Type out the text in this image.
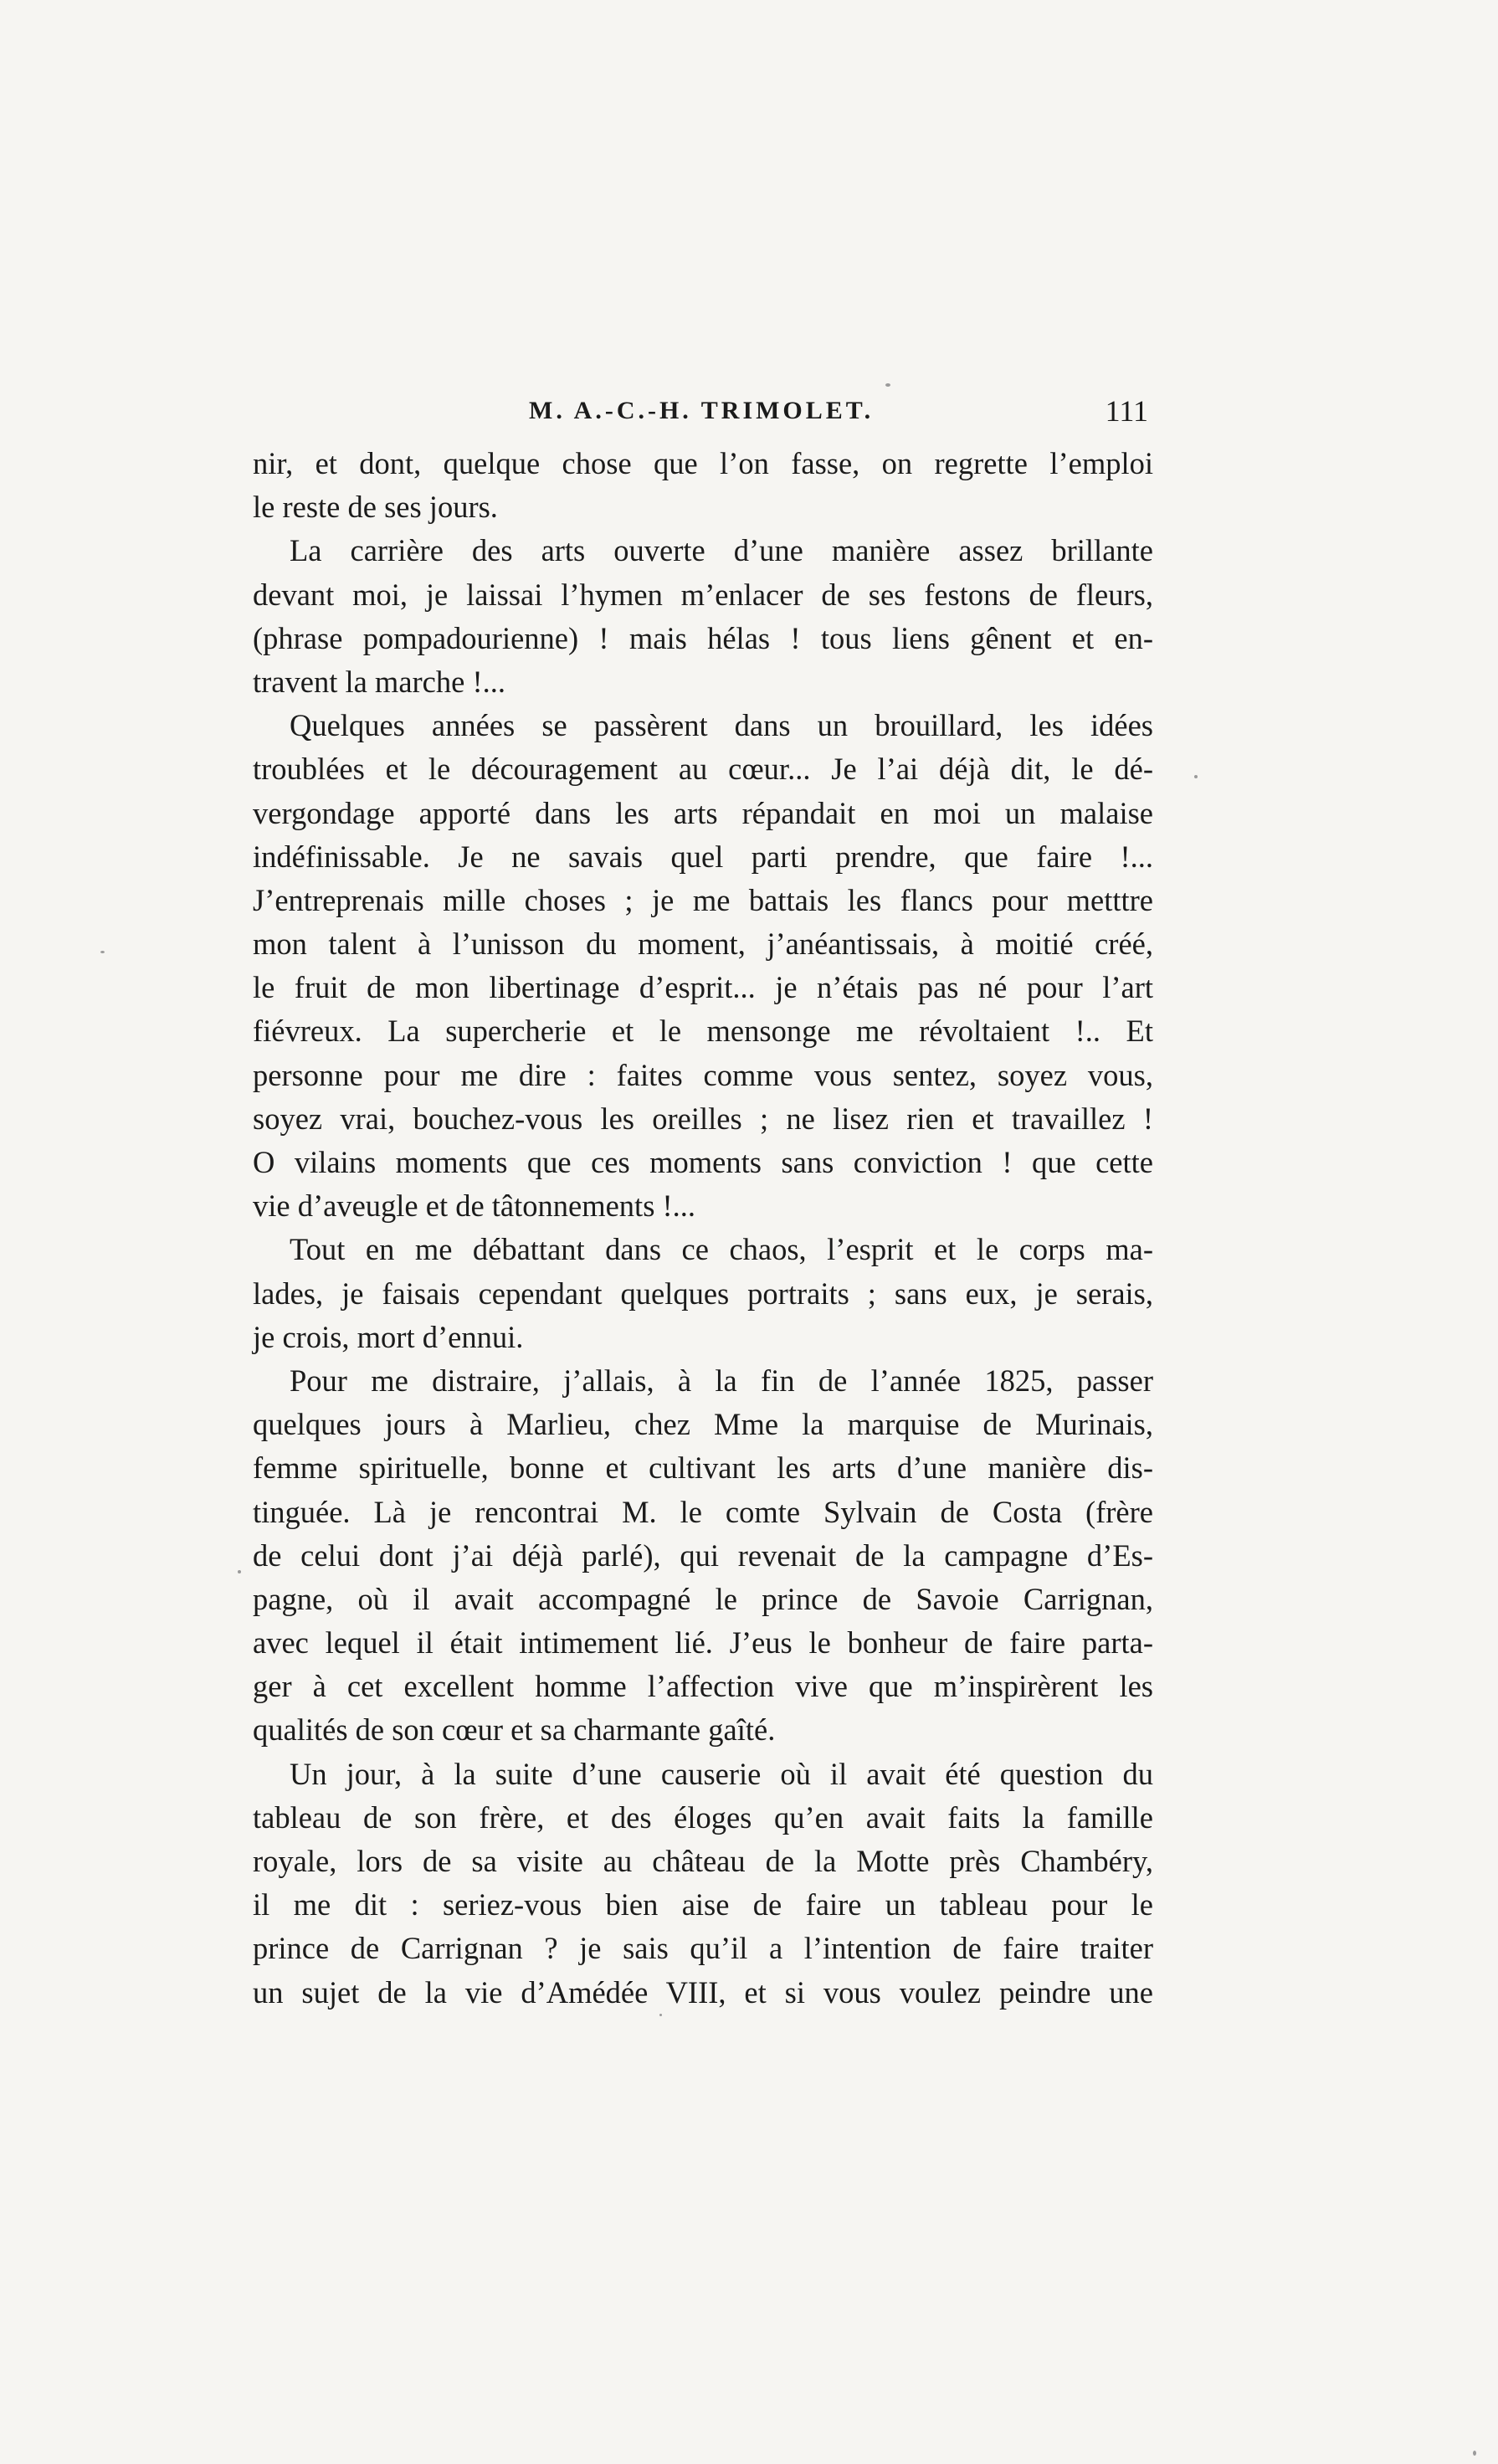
M. A.-C.-H. TRIMOLET.	111
nir, et dont, quelque chose que l’on fasse, on regrette l’emploi
le reste de ses jours.
La carrière des arts ouverte d’une manière assez brillante
devant moi, je laissai l’hymen m’enlacer de ses festons de fleurs,
(phrase pompadourienne) ! mais hélas ! tous liens gênent et en-
travent la marche !...
Quelques années se passèrent dans un brouillard, les idées
troublées et le découragement au cœur... Je l’ai déjà dit, le dé-
vergondage apporté dans les arts répandait en moi un malaise
indéfinissable. Je ne savais quel parti prendre, que faire !...
J’entreprenais mille choses ; je me battais les flancs pour metttre
mon talent à l’unisson du moment, j’anéantissais, à moitié créé,
le fruit de mon libertinage d’esprit... je n’étais pas né pour l’art
fiévreux. La supercherie et le mensonge me révoltaient !.. Et
personne pour me dire : faites comme vous sentez, soyez vous,
soyez vrai, bouchez-vous les oreilles ; ne lisez rien et travaillez !
O vilains moments que ces moments sans conviction ! que cette
vie d’aveugle et de tâtonnements !...
Tout en me débattant dans ce chaos, l’esprit et le corps ma-
lades, je faisais cependant quelques portraits ; sans eux, je serais,
je crois, mort d’ennui.
Pour me distraire, j’allais, à la fin de l’année 1825, passer
quelques jours à Marlieu, chez Mme la marquise de Murinais,
femme spirituelle, bonne et cultivant les arts d’une manière dis-
tinguée. Là je rencontrai M. le comte Sylvain de Costa (frère
de celui dont j’ai déjà parlé), qui revenait de la campagne d’Es-
pagne, où il avait accompagné le prince de Savoie Carrignan,
avec lequel il était intimement lié. J’eus le bonheur de faire parta-
ger à cet excellent homme l’affection vive que m’inspirèrent les
qualités de son cœur et sa charmante gaîté.
Un jour, à la suite d’une causerie où il avait été question du
tableau de son frère, et des éloges qu’en avait faits la famille
royale, lors de sa visite au château de la Motte près Chambéry,
il me dit : seriez-vous bien aise de faire un tableau pour le
prince de Carrignan ? je sais qu’il a l’intention de faire traiter
un sujet de la vie d’Amédée VIII, et si vous voulez peindre une
